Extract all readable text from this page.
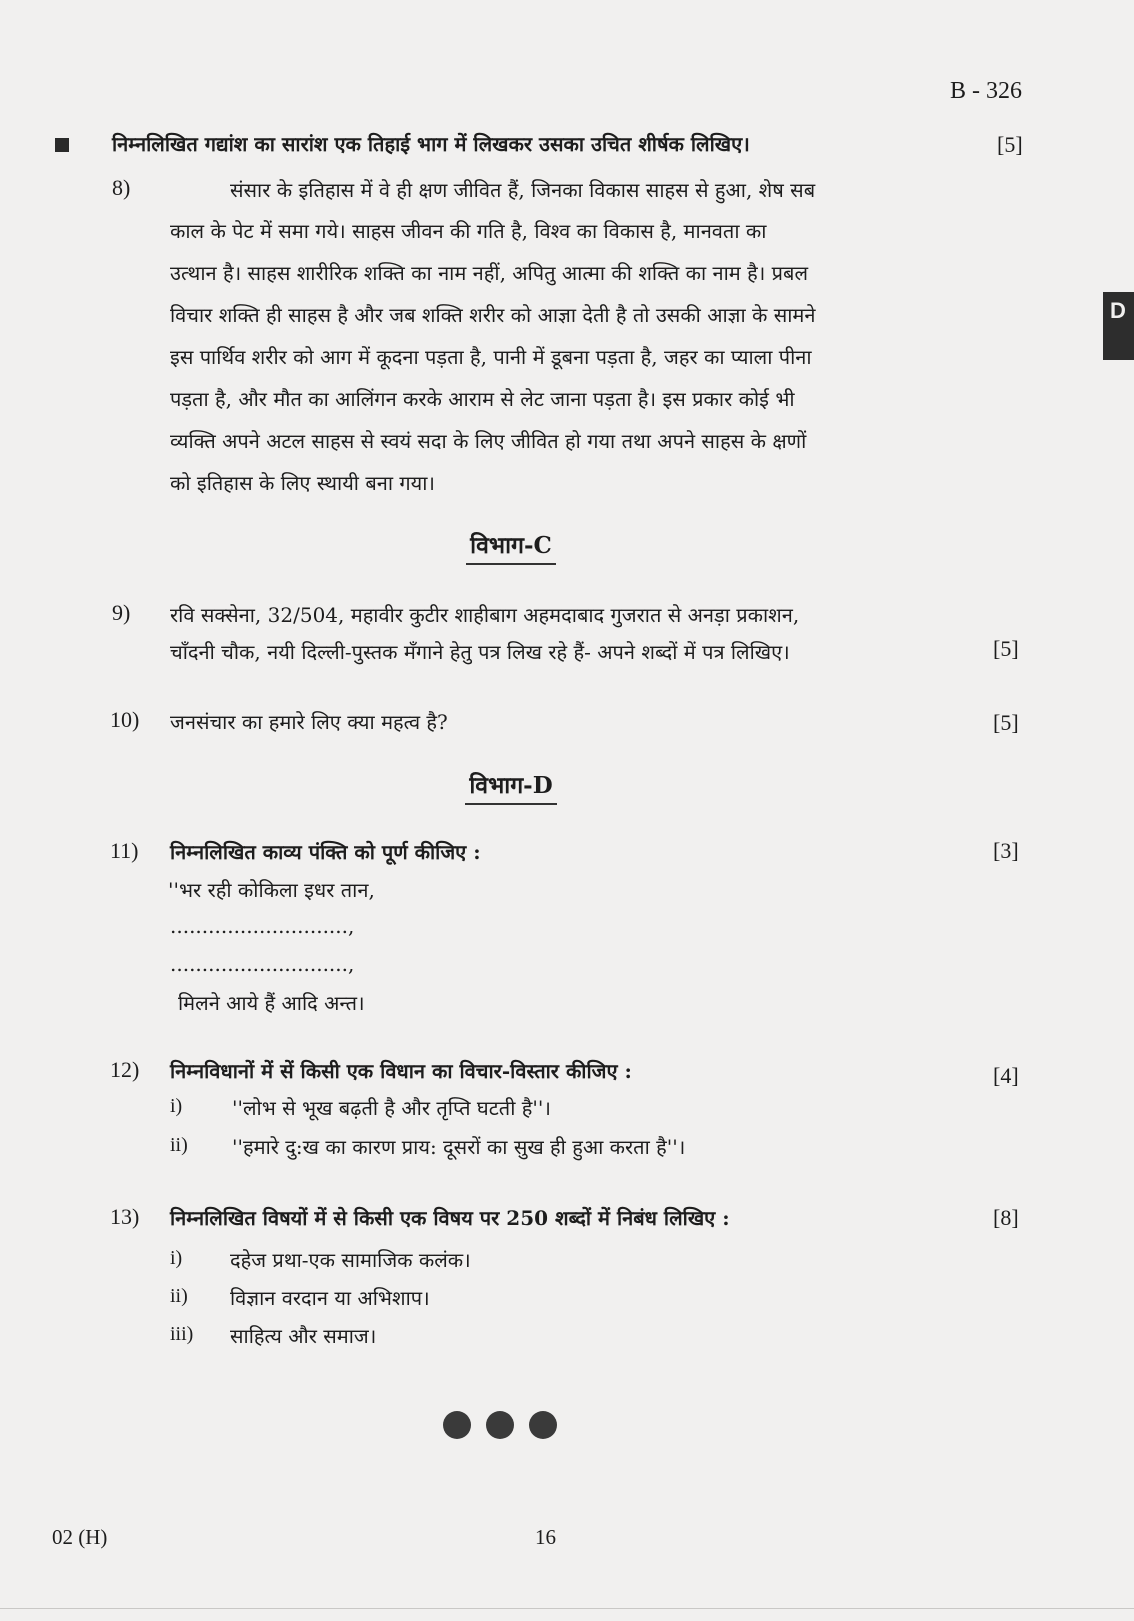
B - 326
D
निम्नलिखित गद्यांश का सारांश एक तिहाई भाग में लिखकर उसका उचित शीर्षक लिखिए।	[5]
8)	संसार के इतिहास में वे ही क्षण जीवित हैं, जिनका विकास साहस से हुआ, शेष सब
काल के पेट में समा गये। साहस जीवन की गति है, विश्व का विकास है, मानवता का
उत्थान है। साहस शारीरिक शक्ति का नाम नहीं, अपितु आत्मा की शक्ति का नाम है। प्रबल
विचार शक्ति ही साहस है और जब शक्ति शरीर को आज्ञा देती है तो उसकी आज्ञा के सामने
इस पार्थिव शरीर को आग में कूदना पड़ता है, पानी में डूबना पड़ता है, जहर का प्याला पीना
पड़ता है, और मौत का आलिंगन करके आराम से लेट जाना पड़ता है। इस प्रकार कोई भी
व्यक्ति अपने अटल साहस से स्वयं सदा के लिए जीवित हो गया तथा अपने साहस के क्षणों
को इतिहास के लिए स्थायी बना गया।
विभाग-C
9) रवि सक्सेना, 32/504, महावीर कुटीर शाहीबाग अहमदाबाद गुजरात से अनड़ा प्रकाशन,
चाँदनी चौक, नयी दिल्ली-पुस्तक मँगाने हेतु पत्र लिख रहे हैं- अपने शब्दों में पत्र लिखिए।	[5]
10) जनसंचार का हमारे लिए क्या महत्व है?	[5]
विभाग-D
11) निम्नलिखित काव्य पंक्ति को पूर्ण कीजिए :	[3]
''भर रही कोकिला इधर तान,
............................,
............................,
मिलने आये हैं आदि अन्त।
12) निम्नविधानों में सें किसी एक विधान का विचार-विस्तार कीजिए :	[4]
i) ''लोभ से भूख बढ़ती है और तृप्ति घटती है''।
ii) ''हमारे दु:ख का कारण प्राय: दूसरों का सुख ही हुआ करता है''।
13) निम्नलिखित विषयों में से किसी एक विषय पर 250 शब्दों में निबंध लिखिए :	[8]
i) दहेज प्रथा-एक सामाजिक कलंक।
ii) विज्ञान वरदान या अभिशाप।
iii) साहित्य और समाज।
02 (H)	16
